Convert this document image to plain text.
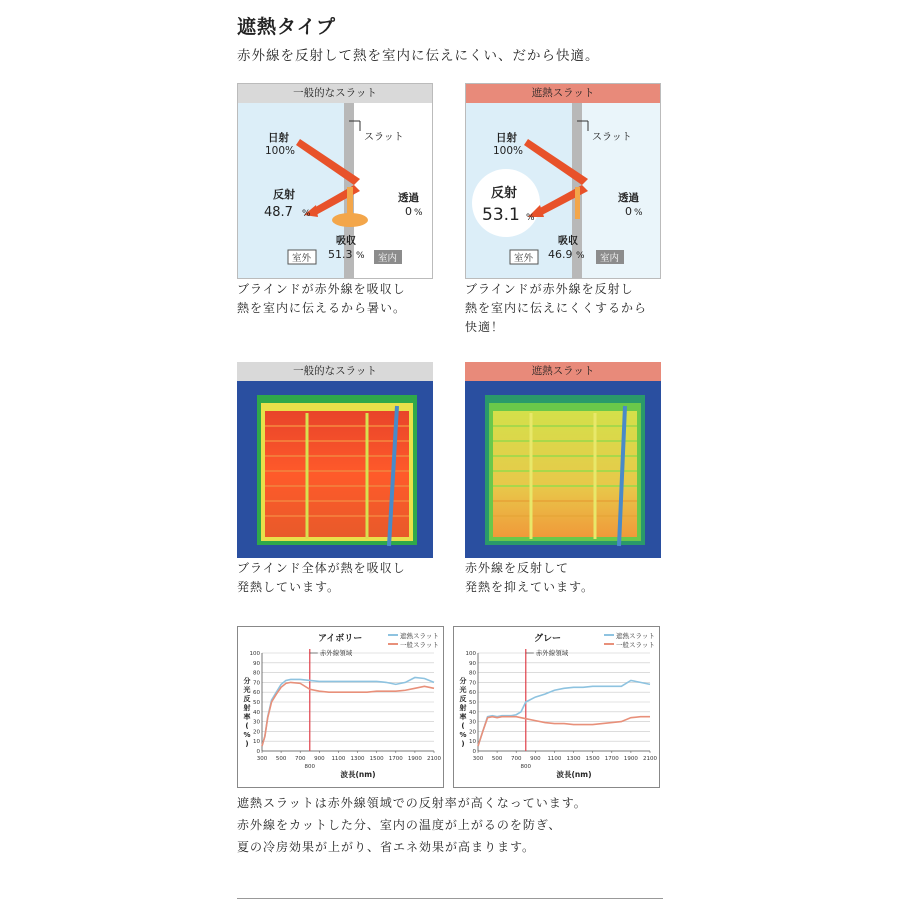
遮熱タイプ
赤外線を反射して熱を室内に伝えにくい、だから快適。
一般的なスラット
スラット
日射
100%
反射
48.7 %
透過
0 %
吸収
51.3 %
室外	室内
ブラインドが赤外線を吸収し
熱を室内に伝えるから暑い。
遮熱スラット
スラット
日射
100%
反射
53.1 %
透過
0 %
吸収
46.9 %
室外	室内
ブラインドが赤外線を反射し
熱を室内に伝えにくくするから
快適！
一般的なスラット
ブラインド全体が熱を吸収し
発熱しています。
遮熱スラット
赤外線を反射して
発熱を抑えています。
アイボリー	遮熱スラット
一般スラット
0
10
20
30
40
50
60
70
80
90
100
300 500 700 900 1100 1300 1500 1700 1900 2100
800
分
光
反
射
率
(
%
)
波長(nm)
赤外線領域
グレー	遮熱スラット
一般スラット
0
10
20
30
40
50
60
70
80
90
100
300 500 700 900 1100 1300 1500 1700 1900 2100
800
分
光
反
射
率
(
%
)
波長(nm)
赤外線領域
遮熱スラットは赤外線領域での反射率が高くなっています。
赤外線をカットした分、室内の温度が上がるのを防ぎ、
夏の冷房効果が上がり、省エネ効果が高まります。
